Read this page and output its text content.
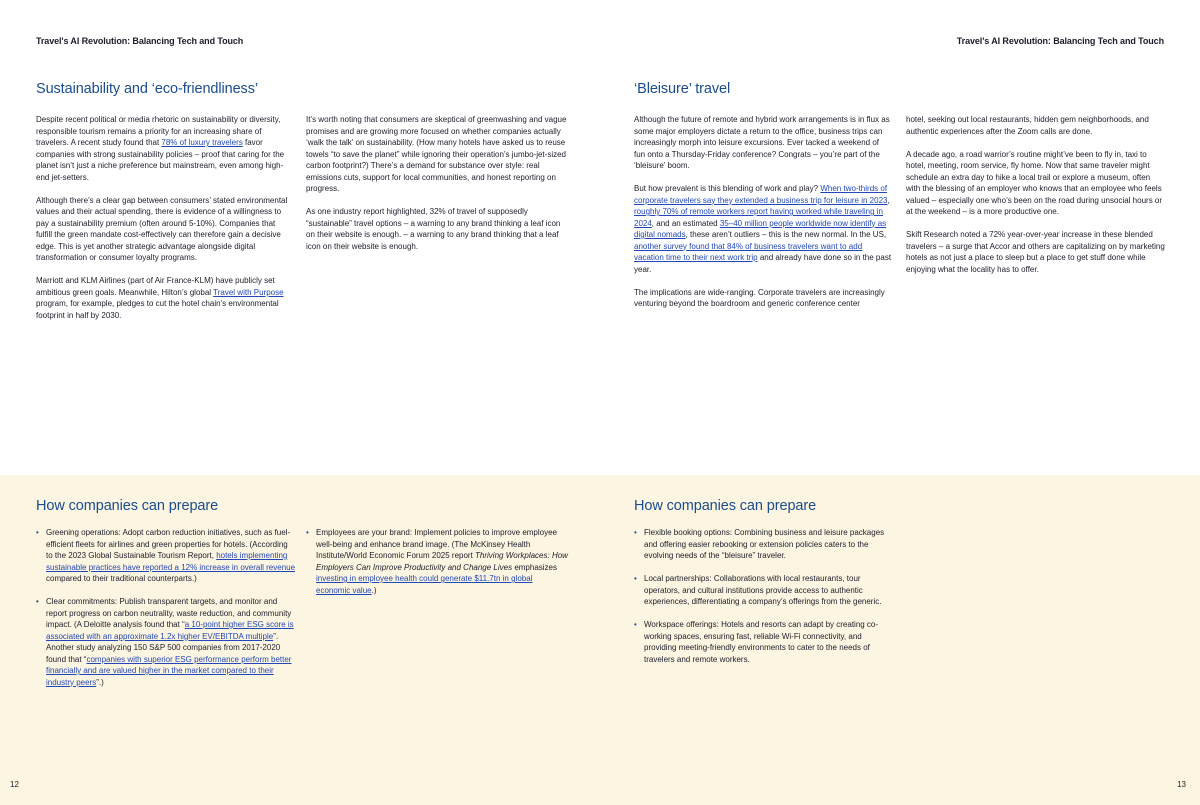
Travel's AI Revolution: Balancing Tech and Touch
Sustainability and ‘eco-friendliness’

Despite recent political or media rhetoric on sustainability or diversity, responsible tourism remains a priority for an increasing share of travelers. A recent study found that 78% of luxury travelers favor companies with strong sustainability policies – proof that caring for the planet isn’t just a niche preference but mainstream, even among high-end jet-setters.

Although there’s a clear gap between consumers’ stated environmental values and their actual spending, there is evidence of a willingness to pay a sustainability premium (often around 5-10%). Companies that fulfill the green mandate cost-effectively can therefore gain a decisive edge. This is yet another strategic advantage alongside digital transformation or consumer loyalty programs.

Marriott and KLM Airlines (part of Air France-KLM) have publicly set ambitious green goals. Meanwhile, Hilton’s global Travel with Purpose program, for example, pledges to cut the hotel chain’s environmental footprint in half by 2030.

It’s worth noting that consumers are skeptical of greenwashing and vague promises and are growing more focused on whether companies actually ‘walk the talk’ on sustainability. (How many hotels have asked us to reuse towels “to save the planet” while ignoring their operation’s jumbo-jet-sized carbon footprint?) There’s a demand for substance over style: real emissions cuts, support for local communities, and honest reporting on progress.

As one industry report highlighted, 32% of travel of supposedly “sustainable” travel options – a warning to any brand thinking a leaf icon on their website is enough. – a warning to any brand thinking that a leaf icon on their website is enough.

How companies can prepare
• Greening operations: Adopt carbon reduction initiatives, such as fuel-efficient fleets for airlines and green properties for hotels. (According to the 2023 Global Sustainable Tourism Report, hotels implementing sustainable practices have reported a 12% increase in overall revenue compared to their traditional counterparts.)
• Clear commitments: Publish transparent targets, and monitor and report progress on carbon neutrality, waste reduction, and community impact. (A Deloitte analysis found that “a 10-point higher ESG score is associated with an approximate 1.2x higher EV/EBITDA multiple”. Another study analyzing 150 S&P 500 companies from 2017-2020 found that “companies with superior ESG performance perform better financially and are valued higher in the market compared to their industry peers”.)
• Employees are your brand: Implement policies to improve employee well-being and enhance brand image. (The McKinsey Health Institute/World Economic Forum 2025 report Thriving Workplaces: How Employers Can Improve Productivity and Change Lives emphasizes investing in employee health could generate $11.7tn in global economic value.)
12
Travel's AI Revolution: Balancing Tech and Touch
‘Bleisure’ travel

Although the future of remote and hybrid work arrangements is in flux as some major employers dictate a return to the office, business trips can increasingly morph into leisure excursions. Ever tacked a weekend of fun onto a Thursday-Friday conference? Congrats – you’re part of the ‘bleisure’ boom.

But how prevalent is this blending of work and play? When two-thirds of corporate travelers say they extended a business trip for leisure in 2023, roughly 70% of remote workers report having worked while traveling in 2024, and an estimated 35–40 million people worldwide now identify as digital nomads, these aren’t outliers – this is the new normal. In the US, another survey found that 84% of business travelers want to add vacation time to their next work trip and already have done so in the past year.

The implications are wide-ranging. Corporate travelers are increasingly venturing beyond the boardroom and generic conference center

hotel, seeking out local restaurants, hidden gem neighborhoods, and authentic experiences after the Zoom calls are done.

A decade ago, a road warrior’s routine might’ve been to fly in, taxi to hotel, meeting, room service, fly home. Now that same traveler might schedule an extra day to hike a local trail or explore a museum, often with the blessing of an employer who knows that an employee who feels valued – especially one who’s been on the road during unsocial hours or at the weekend – is a more productive one.

Skift Research noted a 72% year-over-year increase in these blended travelers – a surge that Accor and others are capitalizing on by marketing hotels as not just a place to sleep but a place to get stuff done while enjoying what the locality has to offer.

How companies can prepare
• Flexible booking options: Combining business and leisure packages and offering easier rebooking or extension policies caters to the evolving needs of the “bleisure” traveler.
• Local partnerships: Collaborations with local restaurants, tour operators, and cultural institutions provide access to authentic experiences, differentiating a company’s offerings from the generic.
• Workspace offerings: Hotels and resorts can adapt by creating co-working spaces, ensuring fast, reliable Wi-Fi connectivity, and providing meeting-friendly environments to cater to the needs of travelers and remote workers.
13
